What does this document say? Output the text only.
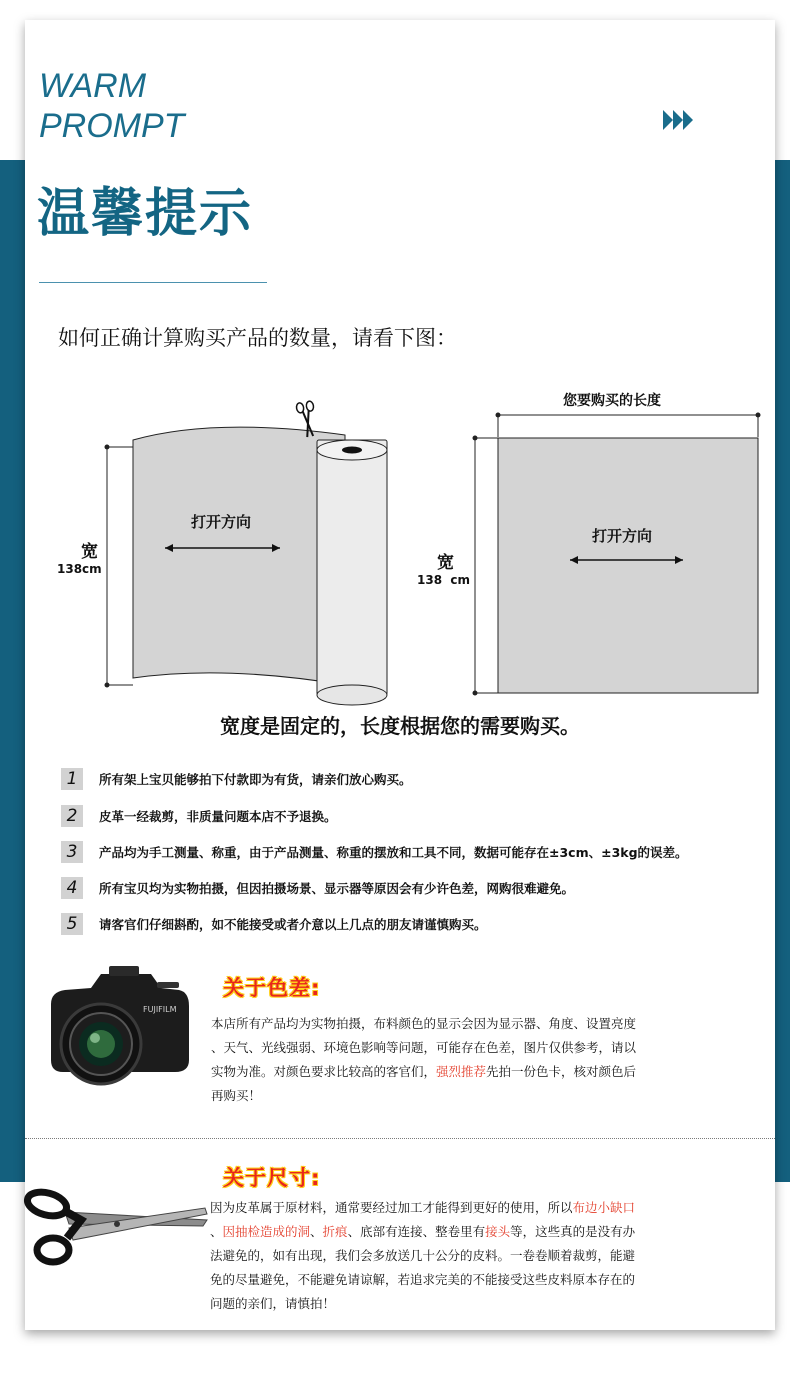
WARM
PROMPT
温馨提示
如何正确计算购买产品的数量，请看下图：
宽
138cm
打开方向
您要购买的长度
宽
138  cm
打开方向
宽度是固定的，长度根据您的需要购买。
1	所有架上宝贝能够拍下付款即为有货，请亲们放心购买。
2	皮革一经裁剪，非质量问题本店不予退换。
3	产品均为手工测量、称重，由于产品测量、称重的摆放和工具不同，数据可能存在±3cm、±3kg的误差。
4	所有宝贝均为实物拍摄，但因拍摄场景、显示器等原因会有少许色差，网购很难避免。
5	请客官们仔细斟酌，如不能接受或者介意以上几点的朋友请谨慎购买。
FUJIFILM
关于色差:
本店所有产品均为实物拍摄，布料颜色的显示会因为显示器、角度、设置亮度
、天气、光线强弱、环境色影响等问题，可能存在色差，图片仅供参考，请以
实物为准。对颜色要求比较高的客官们，强烈推荐先拍一份色卡，核对颜色后
再购买！
关于尺寸:
因为皮革属于原材料，通常要经过加工才能得到更好的使用，所以布边小缺口
、因抽检造成的洞、折痕、底部有连接、整卷里有接头等，这些真的是没有办
法避免的，如有出现，我们会多放送几十公分的皮料。一卷卷顺着裁剪，能避
免的尽量避免，不能避免请谅解，若追求完美的不能接受这些皮料原本存在的
问题的亲们，请慎拍！
